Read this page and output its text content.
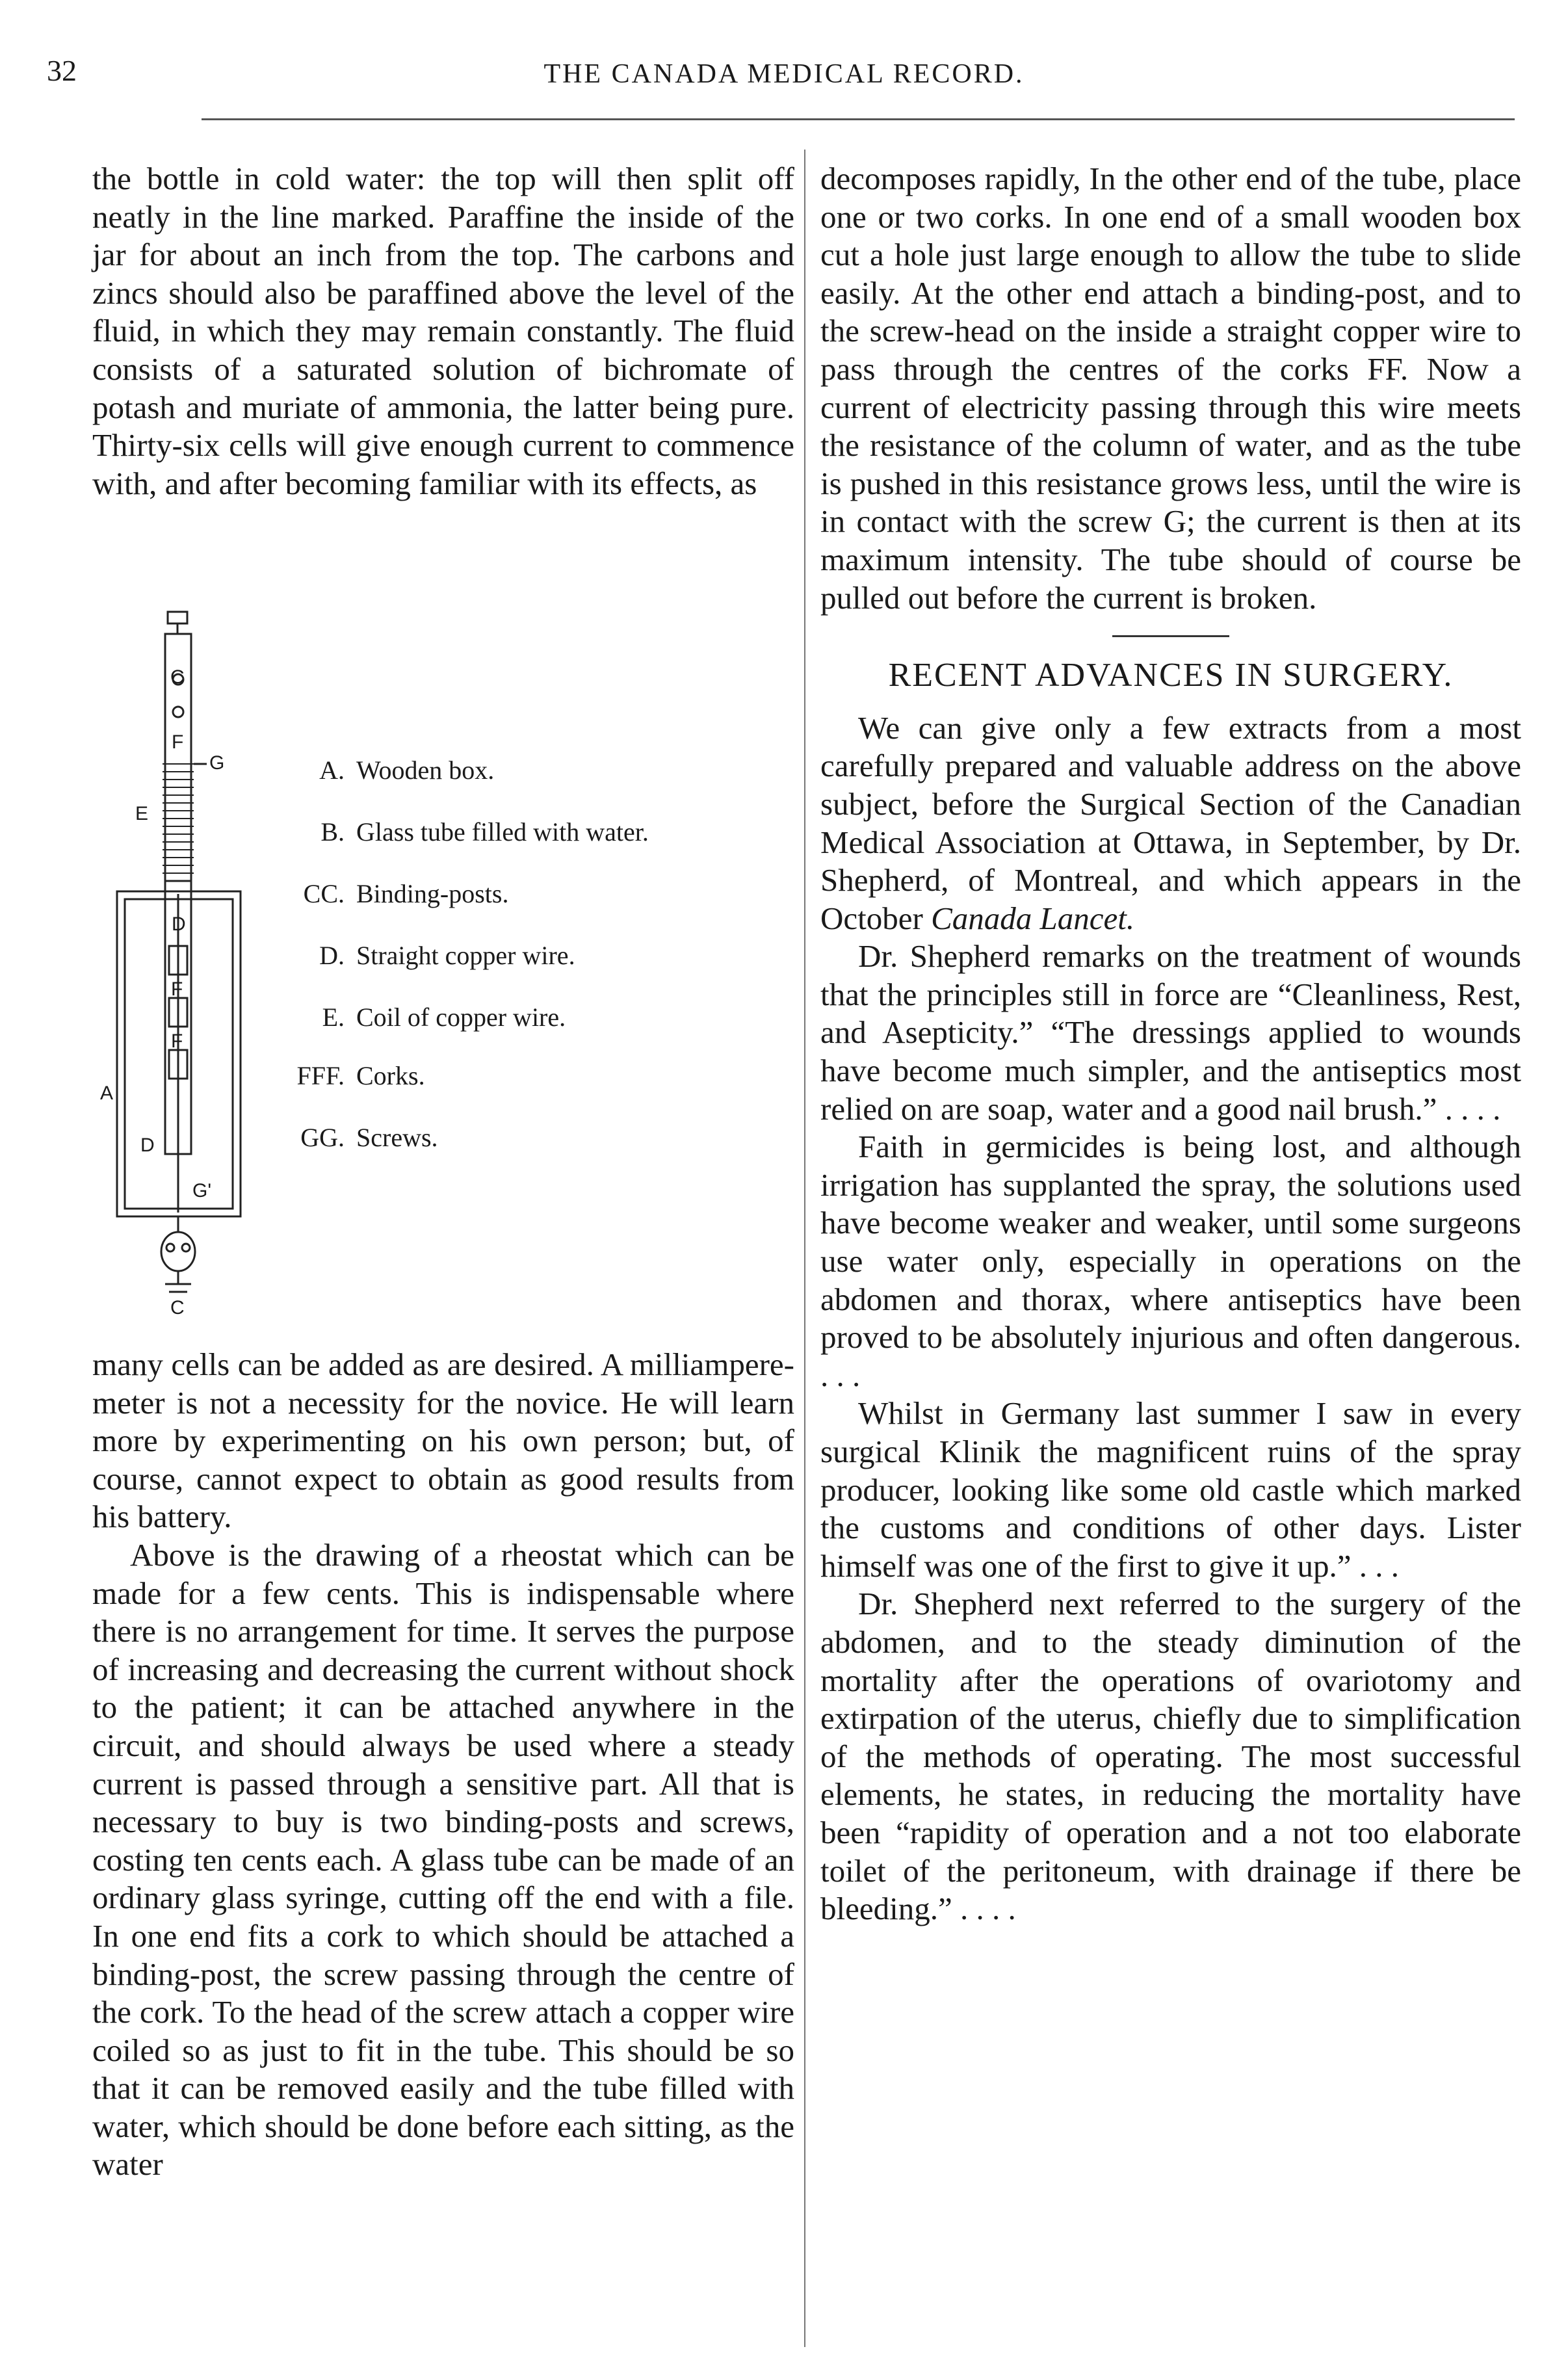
32	THE CANADA MEDICAL RECORD.

the bottle in cold water: the top will then split off neatly in the line marked. Paraffine the inside of the jar for about an inch from the top. The carbons and zincs should also be paraffined above the level of the fluid, in which they may remain constantly. The fluid consists of a saturated solution of bichromate of potash and muriate of ammonia, the latter being pure. Thirty-six cells will give enough current to commence with, and after becoming familiar with its effects, as

C
F
G
E
D
F
F
A
D
G'
C
A. Wooden box.
B. Glass tube filled with water.
CC. Binding-posts.
D. Straight copper wire.
E. Coil of copper wire.
FFF. Corks.
GG. Screws.

many cells can be added as are desired. A milliampere-meter is not a necessity for the novice. He will learn more by experimenting on his own person; but, of course, cannot expect to obtain as good results from his battery.

Above is the drawing of a rheostat which can be made for a few cents. This is indispensable where there is no arrangement for time. It serves the purpose of increasing and decreasing the current without shock to the patient; it can be attached anywhere in the circuit, and should always be used where a steady current is passed through a sensitive part. All that is necessary to buy is two binding-posts and screws, costing ten cents each. A glass tube can be made of an ordinary glass syringe, cutting off the end with a file. In one end fits a cork to which should be attached a binding-post, the screw passing through the centre of the cork. To the head of the screw attach a copper wire coiled so as just to fit in the tube. This should be so that it can be removed easily and the tube filled with water, which should be done before each sitting, as the water

decomposes rapidly, In the other end of the tube, place one or two corks. In one end of a small wooden box cut a hole just large enough to allow the tube to slide easily. At the other end attach a binding-post, and to the screw-head on the inside a straight copper wire to pass through the centres of the corks FF. Now a current of electricity passing through this wire meets the resistance of the column of water, and as the tube is pushed in this resistance grows less, until the wire is in contact with the screw G; the current is then at its maximum intensity. The tube should of course be pulled out before the current is broken.

RECENT ADVANCES IN SURGERY.

We can give only a few extracts from a most carefully prepared and valuable address on the above subject, before the Surgical Section of the Canadian Medical Association at Ottawa, in September, by Dr. Shepherd, of Montreal, and which appears in the October Canada Lancet.

Dr. Shepherd remarks on the treatment of wounds that the principles still in force are “Cleanliness, Rest, and Asepticity.” “The dressings applied to wounds have become much simpler, and the antiseptics most relied on are soap, water and a good nail brush.” . . . .

Faith in germicides is being lost, and although irrigation has supplanted the spray, the solutions used have become weaker and weaker, until some surgeons use water only, especially in operations on the abdomen and thorax, where antiseptics have been proved to be absolutely injurious and often dangerous. . . .

Whilst in Germany last summer I saw in every surgical Klinik the magnificent ruins of the spray producer, looking like some old castle which marked the customs and conditions of other days. Lister himself was one of the first to give it up.” . . .

Dr. Shepherd next referred to the surgery of the abdomen, and to the steady diminution of the mortality after the operations of ovariotomy and extirpation of the uterus, chiefly due to simplification of the methods of operating. The most successful elements, he states, in reducing the mortality have been “rapidity of operation and a not too elaborate toilet of the peritoneum, with drainage if there be bleeding.” . . . .
